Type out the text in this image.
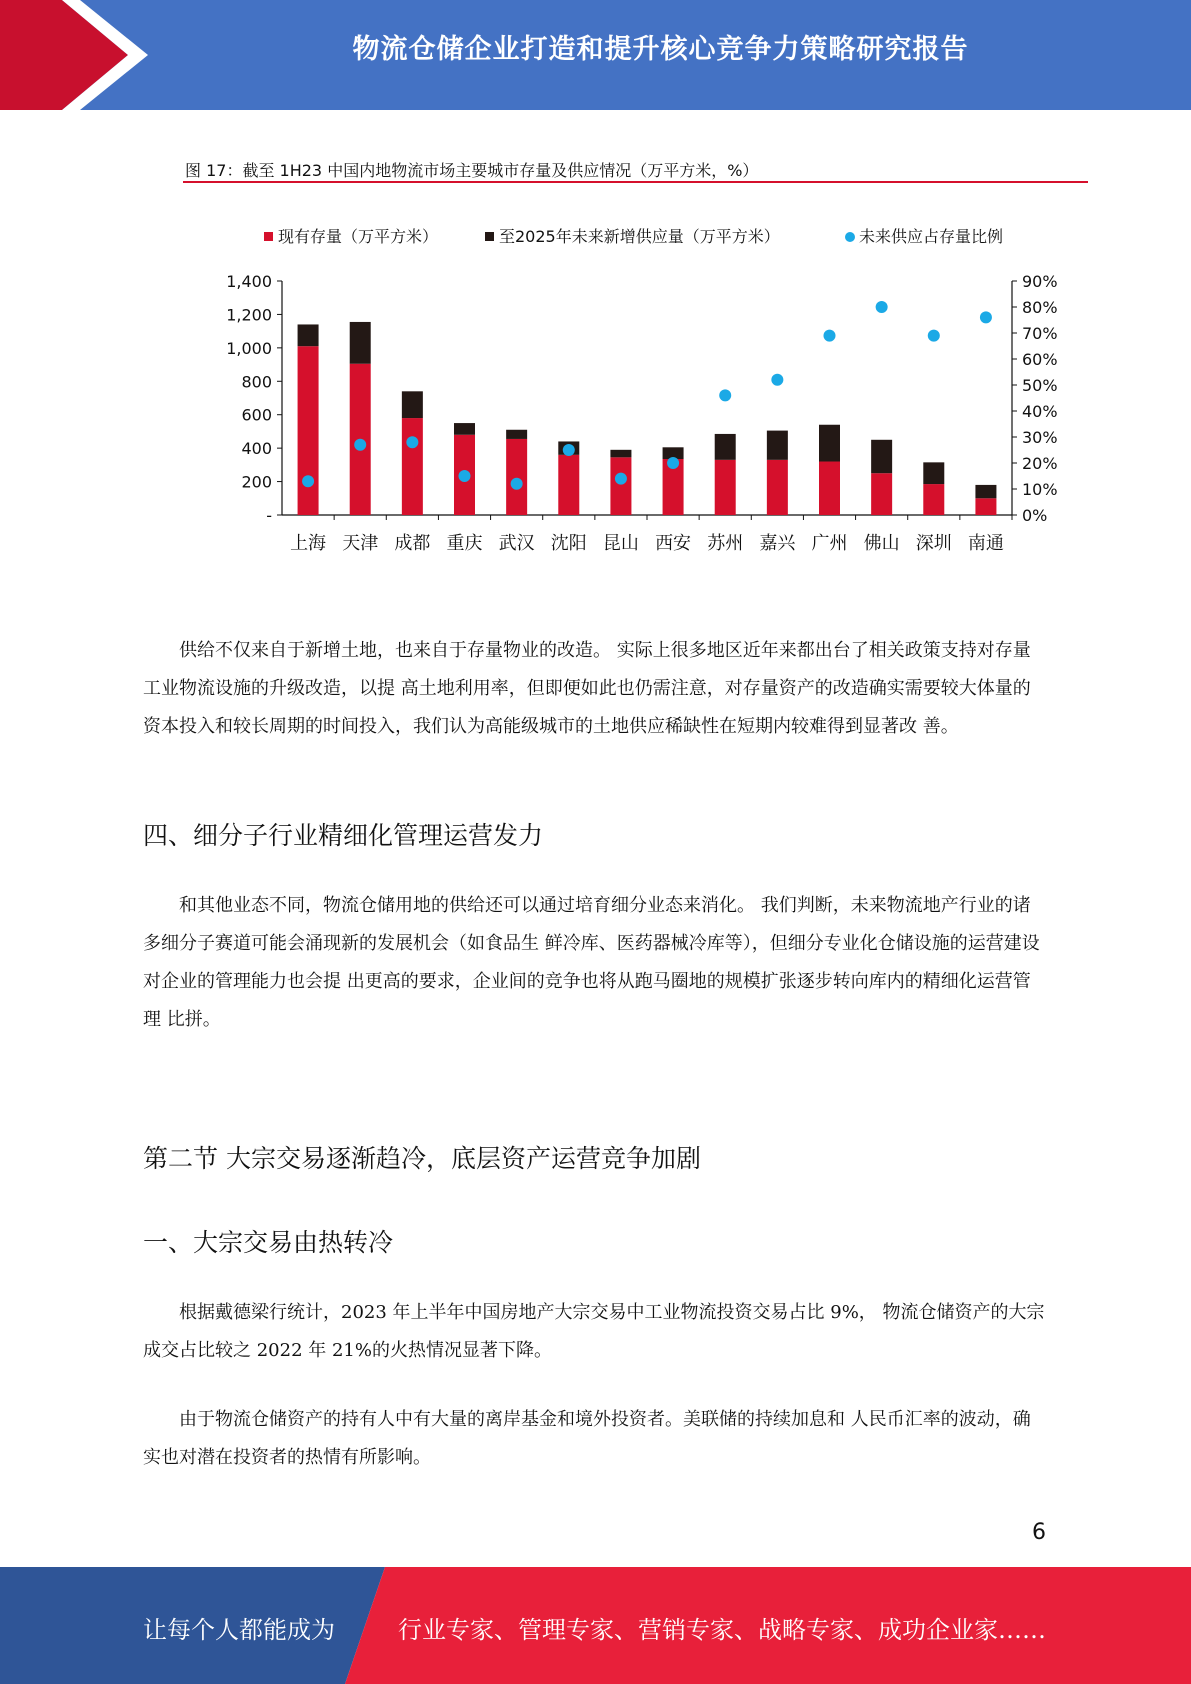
物流仓储企业打造和提升核心竞争力策略研究报告
图 17：截至 1H23 中国内地物流市场主要城市存量及供应情况（万平方米，%）
现有存量（万平方米）	至2025年未来新增供应量（万平方米）	未来供应占存量比例
-
200
400
600
800
1,000
1,200
1,400
0%
10%
20%
30%
40%
50%
60%
70%
80%
90%
上海 天津 成都 重庆 武汉 沈阳 昆山 西安 苏州 嘉兴 广州 佛山 深圳 南通

供给不仅来自于新增土地，也来自于存量物业的改造。 实际上很多地区近年来都出台了相关政策支持对存量工业物流设施的升级改造，以提 高土地利用率，但即便如此也仍需注意，对存量资产的改造确实需要较大体量的资本投入和较长周期的时间投入，我们认为高能级城市的土地供应稀缺性在短期内较难得到显著改 善。

四、细分子行业精细化管理运营发力

和其他业态不同，物流仓储用地的供给还可以通过培育细分业态来消化。 我们判断，未来物流地产行业的诸多细分子赛道可能会涌现新的发展机会（如食品生 鲜冷库、医药器械冷库等），但细分专业化仓储设施的运营建设对企业的管理能力也会提 出更高的要求，企业间的竞争也将从跑马圈地的规模扩张逐步转向库内的精细化运营管理 比拼。

第二节 大宗交易逐渐趋冷，底层资产运营竞争加剧
一、大宗交易由热转冷

根据戴德梁行统计，2023 年上半年中国房地产大宗交易中工业物流投资交易占比 9%， 物流仓储资产的大宗成交占比较之 2022 年 21%的火热情况显著下降。

由于物流仓储资产的持有人中有大量的离岸基金和境外投资者。美联储的持续加息和 人民币汇率的波动，确实也对潜在投资者的热情有所影响。

6
让每个人都能成为	行业专家、管理专家、营销专家、战略专家、成功企业家……
